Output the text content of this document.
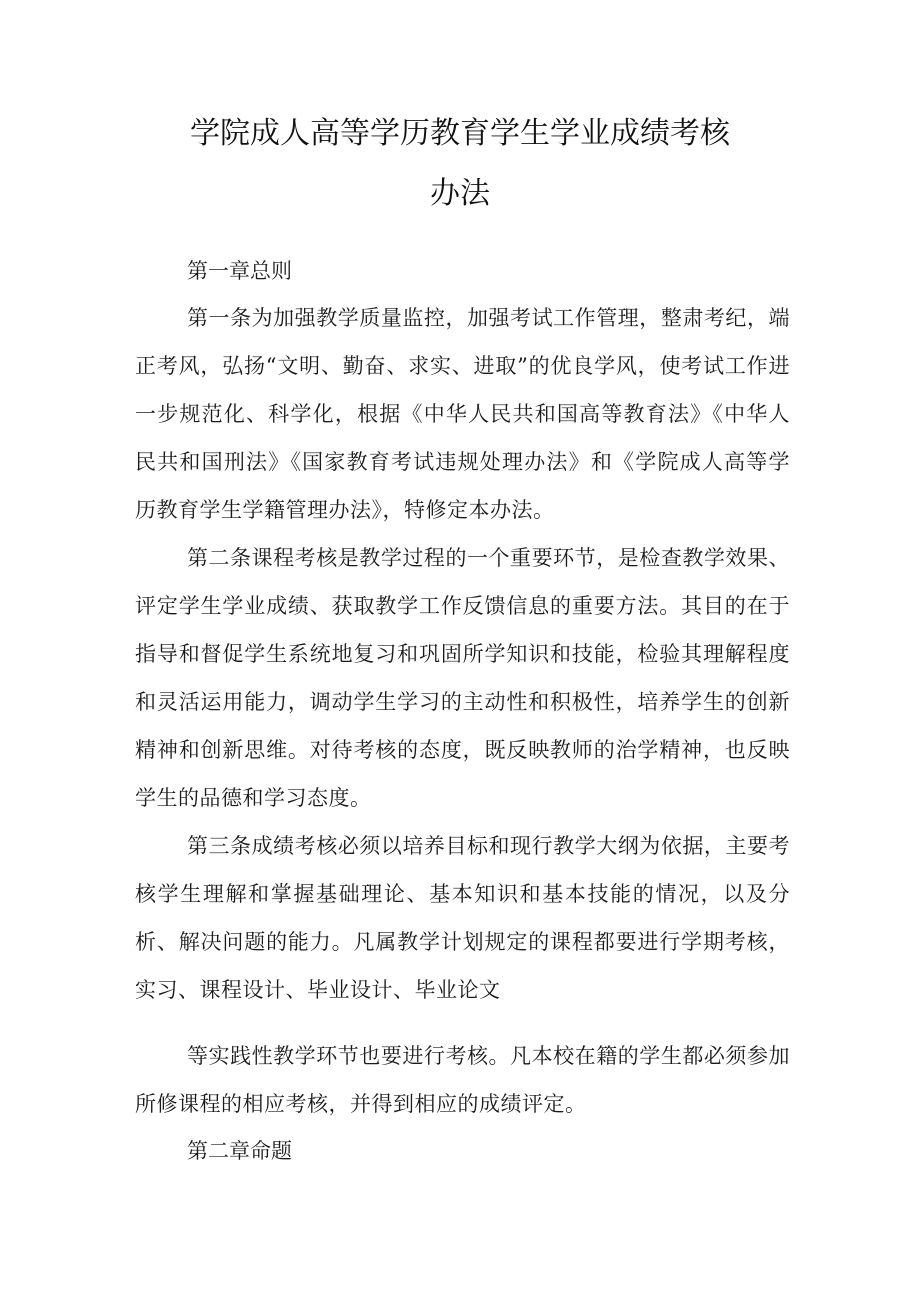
学院成人高等学历教育学生学业成绩考核
办法
第一章总则

第一条为加强教学质量监控，加强考试工作管理，整肃考纪，端正考风，弘扬“文明、勤奋、求实、进取”的优良学风，使考试工作进一步规范化、科学化，根据《中华人民共和国高等教育法》《中华人民共和国刑法》《国家教育考试违规处理办法》和《学院成人高等学历教育学生学籍管理办法》，特修定本办法。

第二条课程考核是教学过程的一个重要环节，是检查教学效果、评定学生学业成绩、获取教学工作反馈信息的重要方法。其目的在于指导和督促学生系统地复习和巩固所学知识和技能，检验其理解程度和灵活运用能力，调动学生学习的主动性和积极性，培养学生的创新精神和创新思维。对待考核的态度，既反映教师的治学精神，也反映学生的品德和学习态度。

第三条成绩考核必须以培养目标和现行教学大纲为依据，主要考核学生理解和掌握基础理论、基本知识和基本技能的情况，以及分析、解决问题的能力。凡属教学计划规定的课程都要进行学期考核，实习、课程设计、毕业设计、毕业论文

等实践性教学环节也要进行考核。凡本校在籍的学生都必须参加所修课程的相应考核，并得到相应的成绩评定。

第二章命题
